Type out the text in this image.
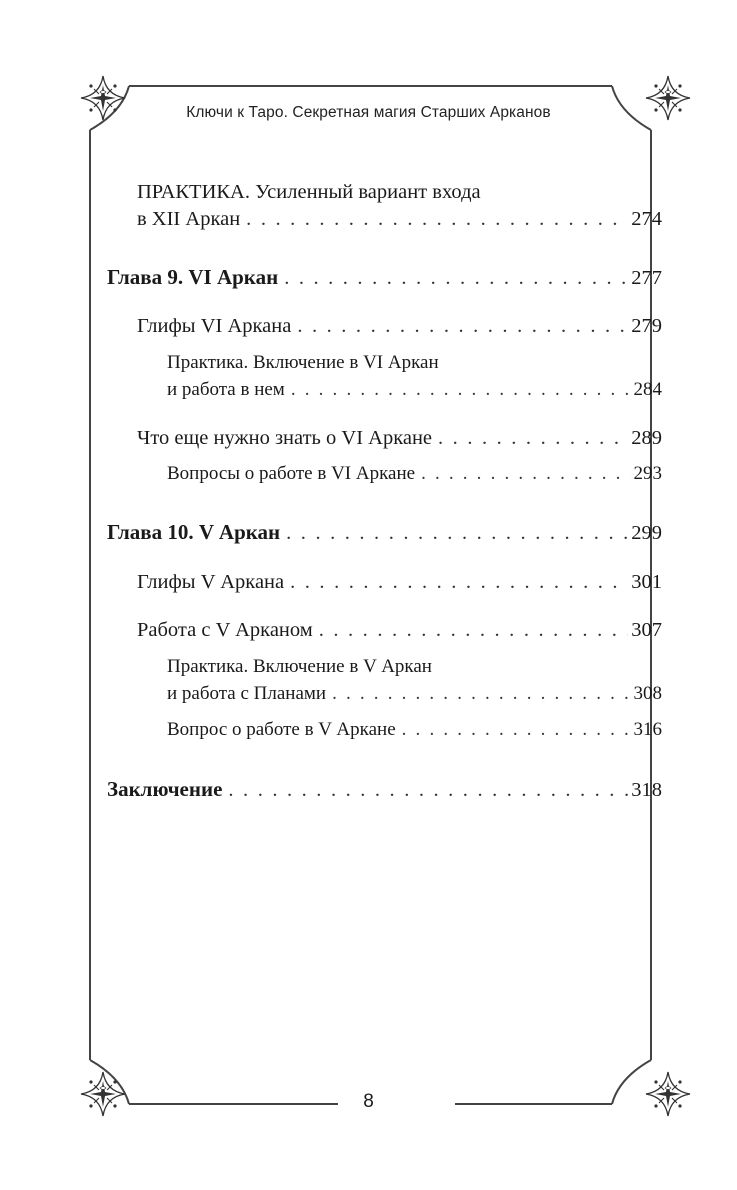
Ключи к Таро. Секретная магия Старших Арканов
ПРАКТИКА. Усиленный вариант входа
в XII Аркан . . .	274
Глава 9. VI Аркан . . .	277
Глифы VI Аркана . . .	279
Практика. Включение в VI Аркан
и работа в нем . . .	284
Что еще нужно знать о VI Аркане . . .	289
Вопросы о работе в VI Аркане . . .	293
Глава 10. V Аркан . . .	299
Глифы V Аркана . . .	301
Работа с V Арканом . . .	307
Практика. Включение в V Аркан
и работа с Планами . . .	308
Вопрос о работе в V Аркане . . .	316
Заключение . . .	318
8
